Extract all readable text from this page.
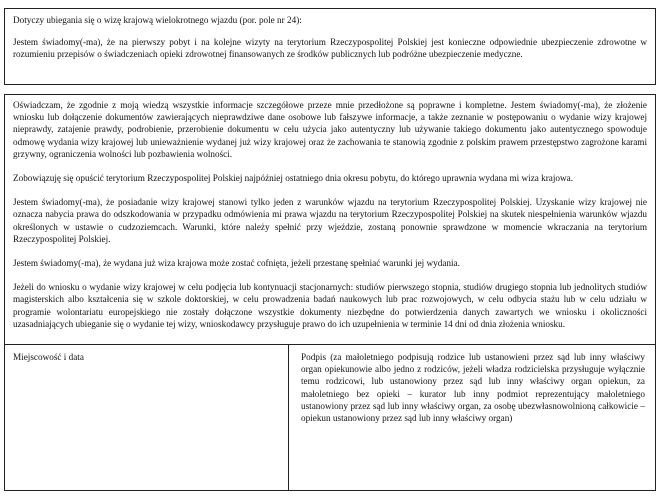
Dotyczy ubiegania się o wizę krajową wielokrotnego wjazdu (por. pole nr 24):

Jestem świadomy(-ma), że na pierwszy pobyt i na kolejne wizyty na terytorium Rzeczypospolitej Polskiej jest konieczne odpowiednie ubezpieczenie zdrowotne w rozumieniu przepisów o świadczeniach opieki zdrowotnej finansowanych ze środków publicznych lub podróżne ubezpieczenie medyczne.

Oświadczam, że zgodnie z moją wiedzą wszystkie informacje szczegółowe przeze mnie przedłożone są poprawne i kompletne. Jestem świadomy(-ma), że złożenie wniosku lub dołączenie dokumentów zawierających nieprawdziwe dane osobowe lub fałszywe informacje, a także zeznanie w postępowaniu o wydanie wizy krajowej nieprawdy, zatajenie prawdy, podrobienie, przerobienie dokumentu w celu użycia jako autentyczny lub używanie takiego dokumentu jako autentycznego spowoduje odmowę wydania wizy krajowej lub unieważnienie wydanej już wizy krajowej oraz że zachowania te stanowią zgodnie z polskim prawem przestępstwo zagrożone karami grzywny, ograniczenia wolności lub pozbawienia wolności.

Zobowiązuję się opuścić terytorium Rzeczypospolitej Polskiej najpóźniej ostatniego dnia okresu pobytu, do którego uprawnia wydana mi wiza krajowa.

Jestem świadomy(-ma), że posiadanie wizy krajowej stanowi tylko jeden z warunków wjazdu na terytorium Rzeczypospolitej Polskiej. Uzyskanie wizy krajowej nie oznacza nabycia prawa do odszkodowania w przypadku odmówienia mi prawa wjazdu na terytorium Rzeczypospolitej Polskiej na skutek niespełnienia warunków wjazdu określonych w ustawie o cudzoziemcach. Warunki, które należy spełnić przy wjeździe, zostaną ponownie sprawdzone w momencie wkraczania na terytorium Rzeczypospolitej Polskiej.

Jestem świadomy(-ma), że wydana już wiza krajowa może zostać cofnięta, jeżeli przestanę spełniać warunki jej wydania.

Jeżeli do wniosku o wydanie wizy krajowej w celu podjęcia lub kontynuacji stacjonarnych: studiów pierwszego stopnia, studiów drugiego stopnia lub jednolitych studiów magisterskich albo kształcenia się w szkole doktorskiej, w celu prowadzenia badań naukowych lub prac rozwojowych, w celu odbycia stażu lub w celu udziału w programie wolontariatu europejskiego nie zostały dołączone wszystkie dokumenty niezbędne do potwierdzenia danych zawartych we wniosku i okoliczności uzasadniających ubieganie się o wydanie tej wizy, wnioskodawcy przysługuje prawo do ich uzupełnienia w terminie 14 dni od dnia złożenia wniosku.

Miejscowość i data	Podpis (za małoletniego podpisują rodzice lub ustanowieni przez sąd lub inny właściwy organ opiekunowie albo jedno z rodziców, jeżeli władza rodzicielska przysługuje wyłącznie temu rodzicowi, lub ustanowiony przez sąd lub inny właściwy organ opiekun, za małoletniego bez opieki – kurator lub inny podmiot reprezentujący małoletniego ustanowiony przez sąd lub inny właściwy organ, za osobę ubezwłasnowolnioną całkowicie – opiekun ustanowiony przez sąd lub inny właściwy organ)
